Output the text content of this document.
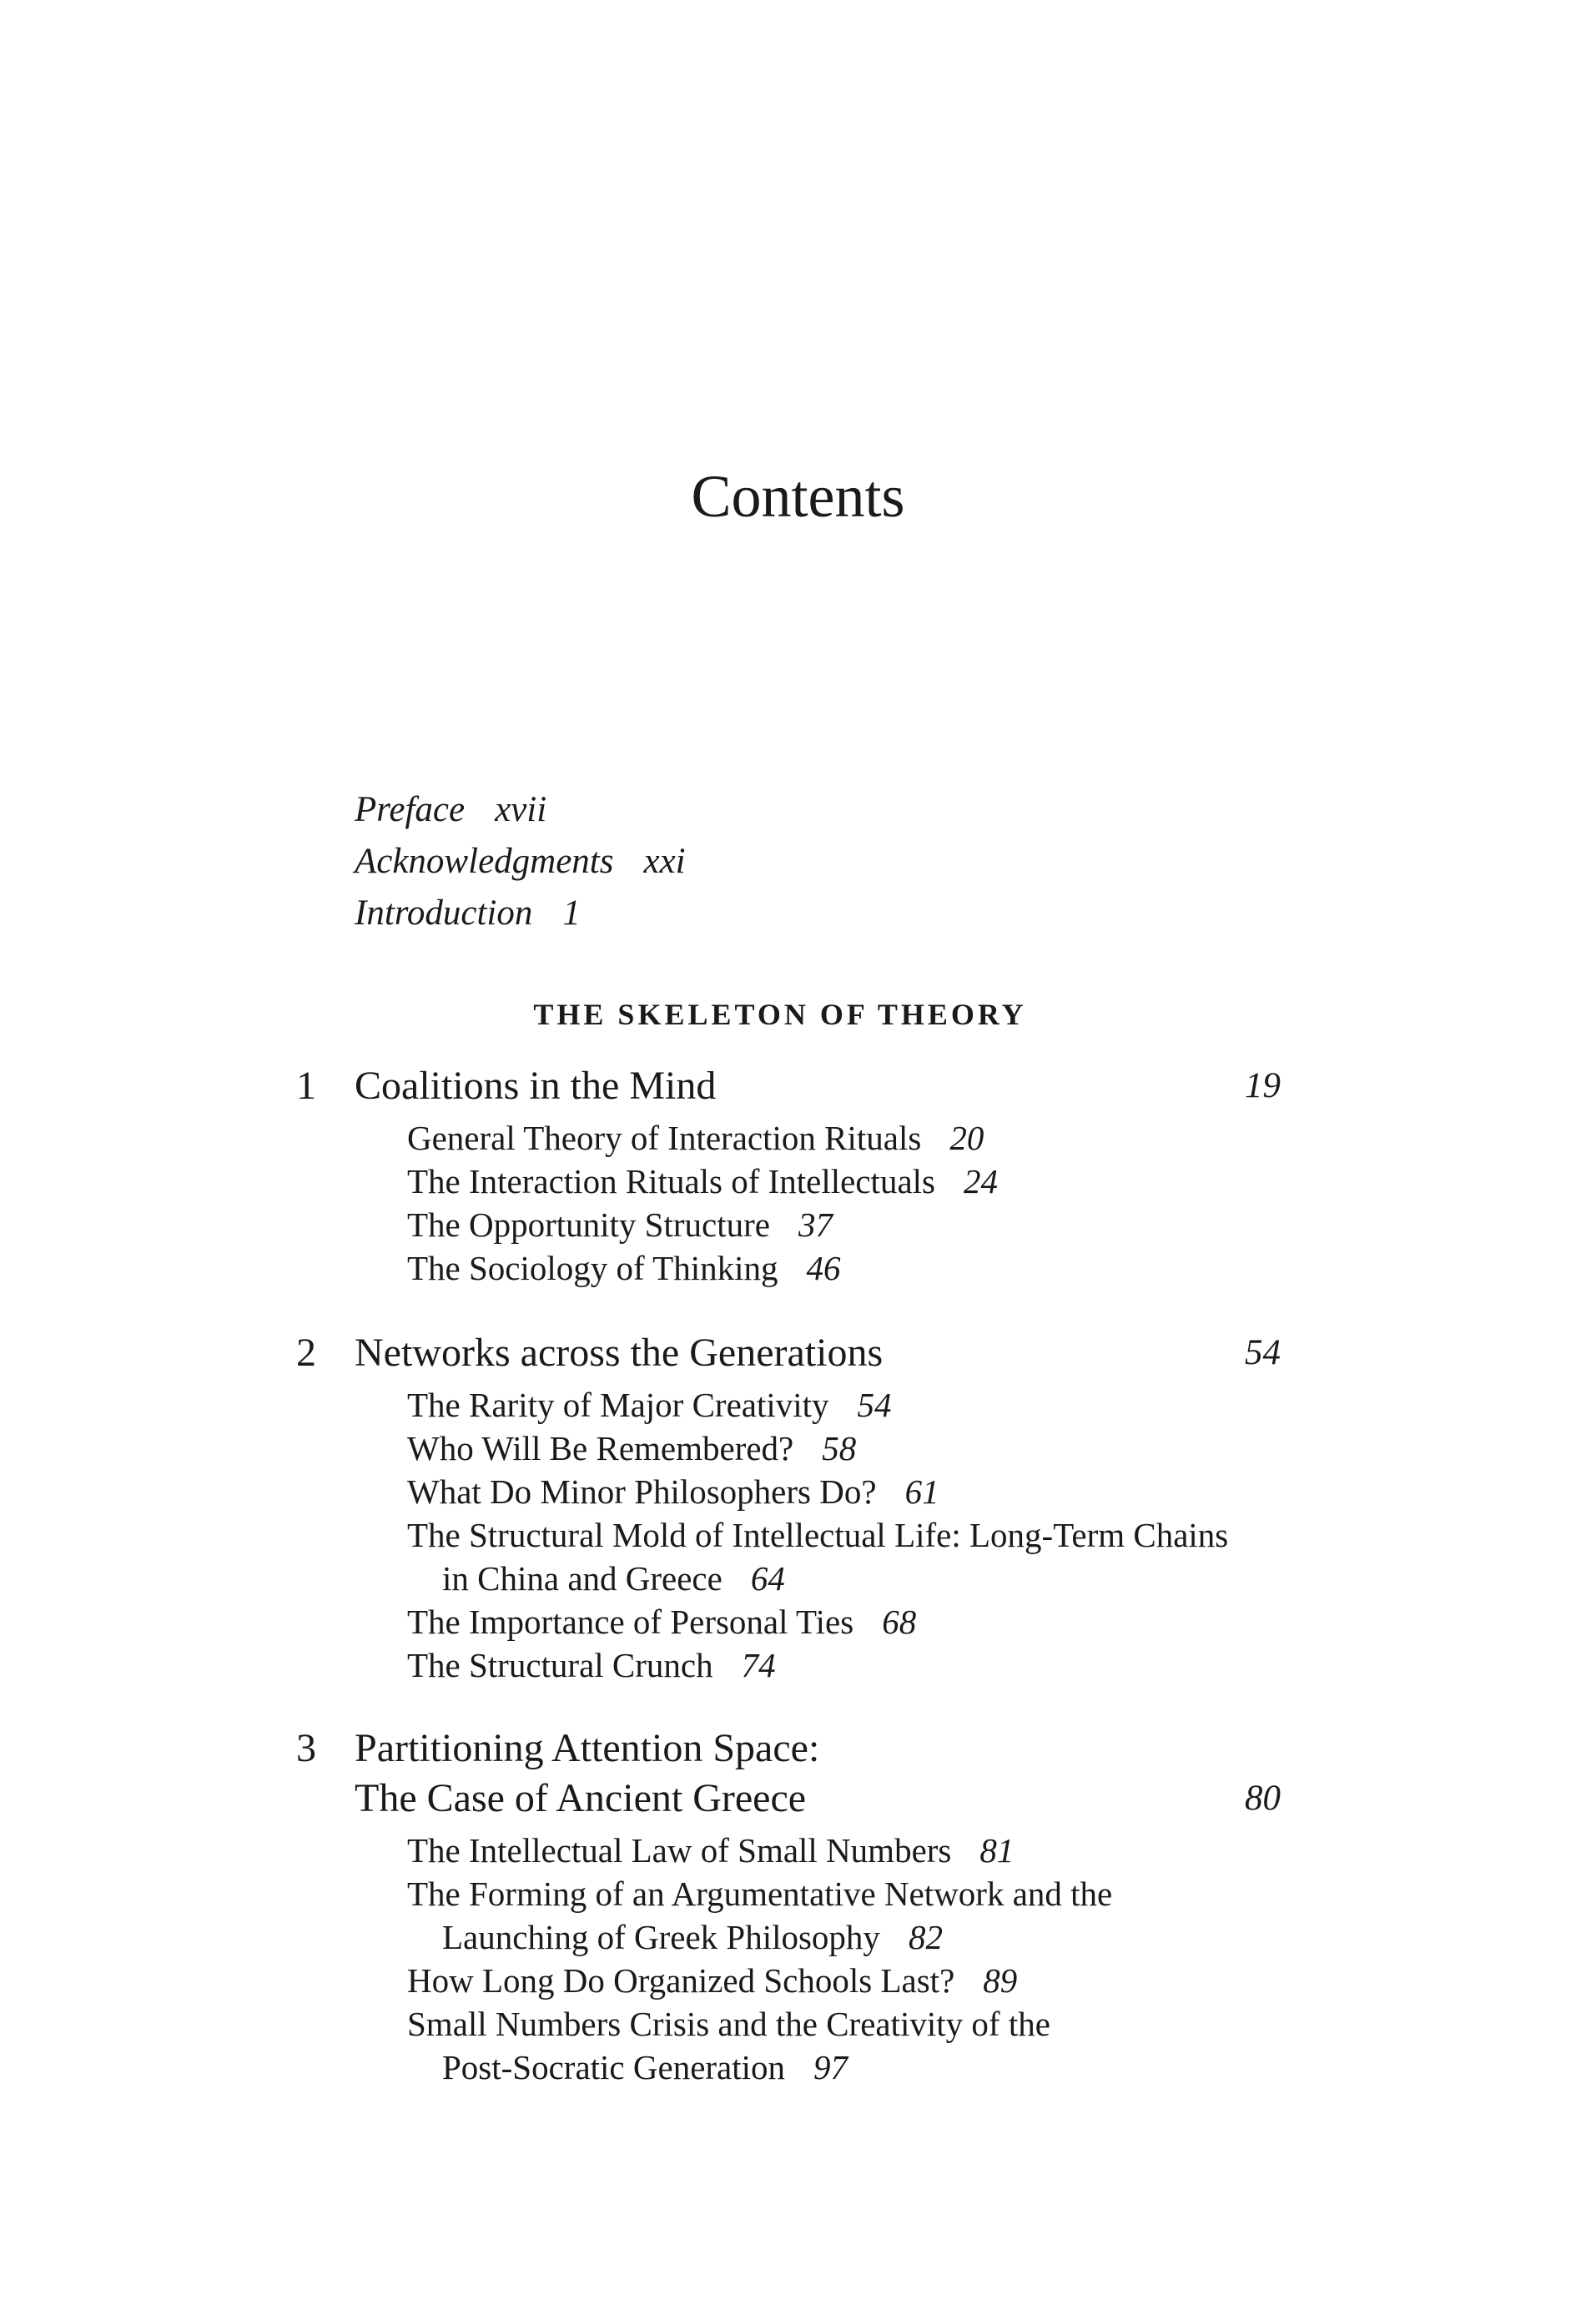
Contents
Preface xvii
Acknowledgments xxi
Introduction 1
THE SKELETON OF THEORY
1 Coalitions in the Mind	19
General Theory of Interaction Rituals 20
The Interaction Rituals of Intellectuals 24
The Opportunity Structure 37
The Sociology of Thinking 46
2 Networks across the Generations	54
The Rarity of Major Creativity 54
Who Will Be Remembered? 58
What Do Minor Philosophers Do? 61
The Structural Mold of Intellectual Life: Long-Term Chains
in China and Greece 64
The Importance of Personal Ties 68
The Structural Crunch 74
3 Partitioning Attention Space:
The Case of Ancient Greece	80
The Intellectual Law of Small Numbers 81
The Forming of an Argumentative Network and the
Launching of Greek Philosophy 82
How Long Do Organized Schools Last? 89
Small Numbers Crisis and the Creativity of the
Post-Socratic Generation 97
